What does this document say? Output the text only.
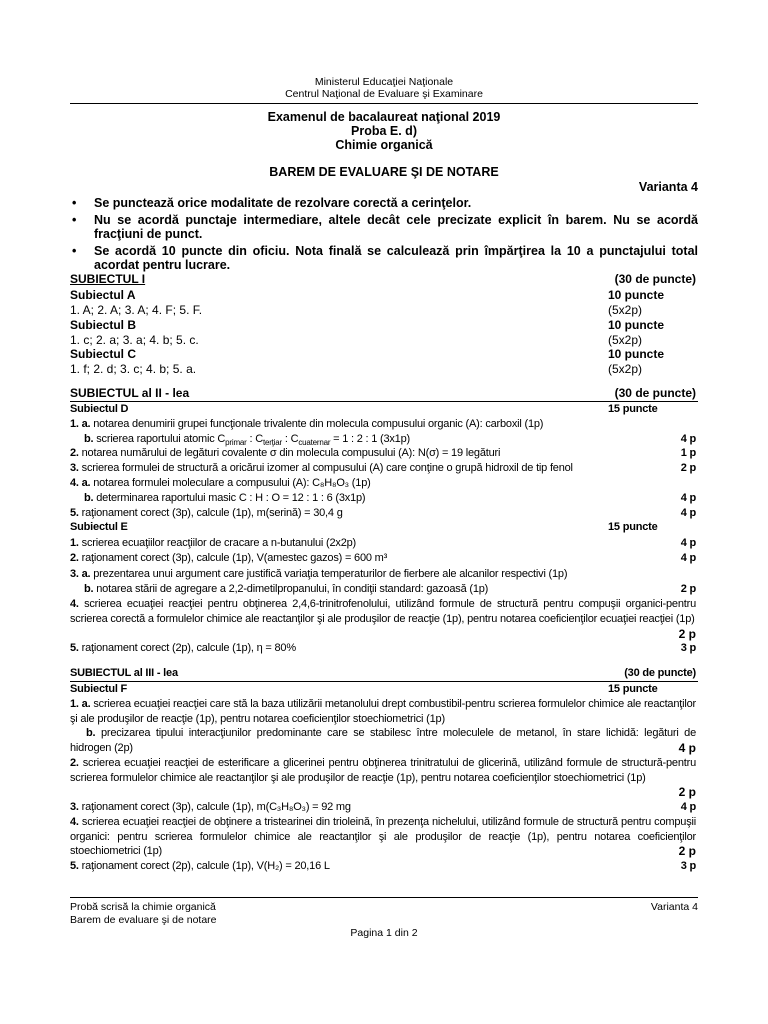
Ministerul Educaţiei Naţionale
Centrul Naţional de Evaluare şi Examinare
Examenul de bacalaureat naţional 2019
Proba E. d)
Chimie organică
BAREM DE EVALUARE ŞI DE NOTARE
Varianta 4
• Se punctează orice modalitate de rezolvare corectă a cerinţelor.
• Nu se acordă punctaje intermediare, altele decât cele precizate explicit în barem. Nu se acordă fracţiuni de punct.
• Se acordă 10 puncte din oficiu. Nota finală se calculează prin împărţirea la 10 a punctajului total acordat pentru lucrare.
SUBIECTUL I	(30 de puncte)
Subiectul A	10 puncte
1. A; 2. A; 3. A; 4. F; 5. F.	(5x2p)
Subiectul B	10 puncte
1. c; 2. a; 3. a; 4. b; 5. c.	(5x2p)
Subiectul C	10 puncte
1. f; 2. d; 3. c; 4. b; 5. a.	(5x2p)
SUBIECTUL al II - lea	(30 de puncte)
Subiectul D	15 puncte
1. a. notarea denumirii grupei funcţionale trivalente din molecula compusului organic (A): carboxil (1p)
b. scrierea raportului atomic $C_{primar}$ : $C_{terţiar}$ : $C_{cuaternar} = 1$ : 2 : 1 (3x1p)	4 p
2. notarea numărului de legături covalente σ din molecula compusului (A): N(σ) = 19 legături	1 p
3. scrierea formulei de structură a oricărui izomer al compusului (A) care conţine o grupă hidroxil de tip fenol	2 p
4. a. notarea formulei moleculare a compusului (A): C₈H₈O₃ (1p)
b. determinarea raportului masic C : H : O = 12 : 1 : 6 (3x1p)	4 p
5. raţionament corect (3p), calcule (1p), m(serină) = 30,4 g	4 p
Subiectul E	15 puncte
1. scrierea ecuaţiilor reacţiilor de cracare a n-butanului (2x2p)	4 p
2. raţionament corect (3p), calcule (1p), V(amestec gazos) = 600 m³	4 p
3. a. prezentarea unui argument care justifică variaţia temperaturilor de fierbere ale alcanilor respectivi (1p)
b. notarea stării de agregare a 2,2-dimetilpropanului, în condiţii standard: gazoasă (1p)	2 p
4. scrierea ecuaţiei reacţiei pentru obţinerea 2,4,6-trinitrofenolului, utilizând formule de structură pentru compuşii organici-pentru scrierea corectă a formulelor chimice ale reactanţilor şi ale produşilor de reacţie (1p), pentru notarea coeficienţilor ecuaţiei reacţiei (1p)
2 p
5. raţionament corect (2p), calcule (1p), η = 80%	3 p
SUBIECTUL al III - lea	(30 de puncte)
Subiectul F	15 puncte
1. a. scrierea ecuaţiei reacţiei care stă la baza utilizării metanolului drept combustibil-pentru scrierea formulelor chimice ale reactanţilor şi ale produşilor de reacţie (1p), pentru notarea coeficienţilor stoechiometrici (1p)
b. precizarea tipului interacţiunilor predominante care se stabilesc între moleculele de metanol, în stare lichidă: legături de hidrogen (2p)	4 p
2. scrierea ecuaţiei reacţiei de esterificare a glicerinei pentru obţinerea trinitratului de glicerină, utilizând formule de structură-pentru scrierea formulelor chimice ale reactanţilor şi ale produşilor de reacţie (1p), pentru notarea coeficienţilor stoechiometrici (1p)
2 p
3. raţionament corect (3p), calcule (1p), m(C₃H₈O₃) = 92 mg	4 p
4. scrierea ecuaţiei reacţiei de obţinere a tristearinei din trioleină, în prezenţa nichelului, utilizând formule de structură pentru compuşii organici: pentru scrierea formulelor chimice ale reactanţilor şi ale produşilor de reacţie (1p), pentru notarea coeficienţilor stoechiometrici (1p)	2 p
5. raţionament corect (2p), calcule (1p), V(H₂) = 20,16 L	3 p
Probă scrisă la chimie organică
Barem de evaluare şi de notare
Varianta 4
Pagina 1 din 2
